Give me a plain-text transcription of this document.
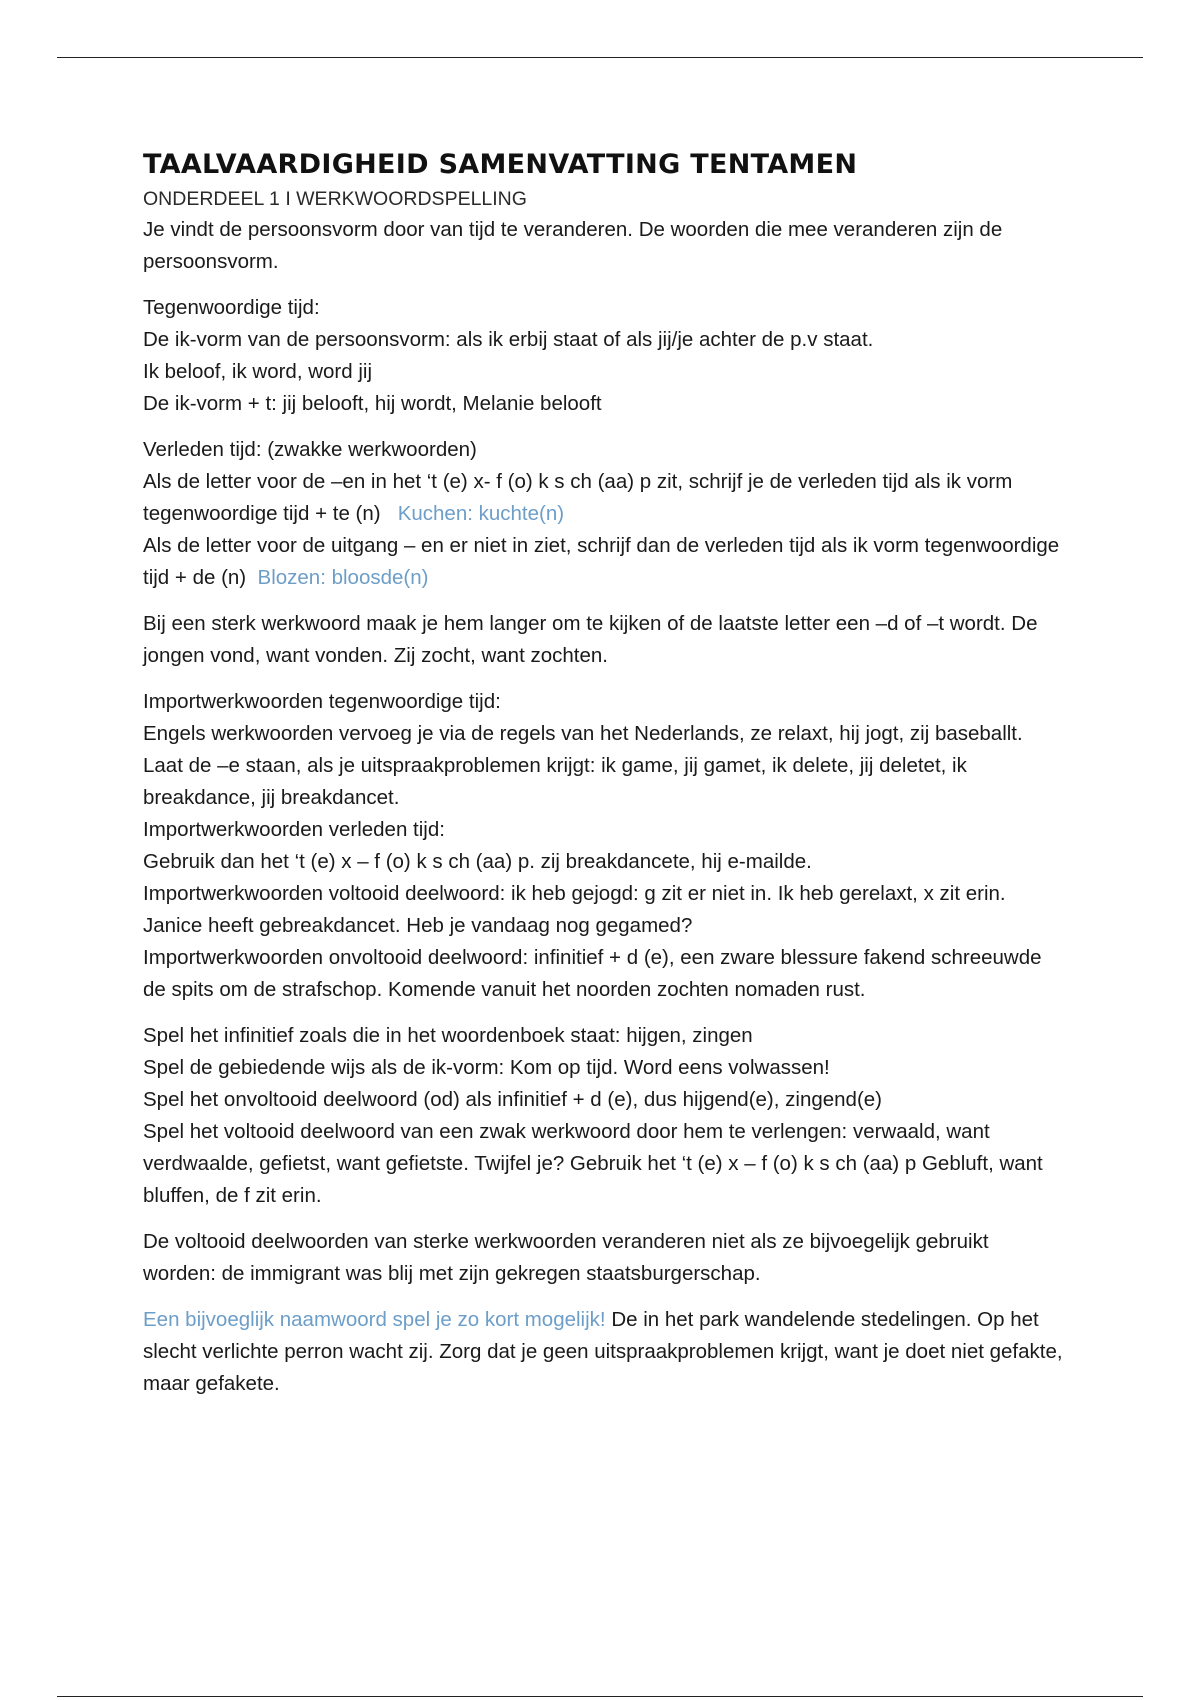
TAALVAARDIGHEID SAMENVATTING TENTAMEN

ONDERDEEL 1 I WERKWOORDSPELLING

Je vindt de persoonsvorm door van tijd te veranderen. De woorden die mee veranderen zijn de persoonsvorm.

Tegenwoordige tijd:

De ik-vorm van de persoonsvorm: als ik erbij staat of als jij/je achter de p.v staat.

Ik beloof, ik word, word jij

De ik-vorm + t: jij belooft, hij wordt, Melanie belooft

Verleden tijd: (zwakke werkwoorden)

Als de letter voor de –en in het ‘t (e) x- f (o) k s ch (aa) p zit, schrijf je de verleden tijd als ik vorm tegenwoordige tijd + te (n) Kuchen: kuchte(n)

Als de letter voor de uitgang – en er niet in ziet, schrijf dan de verleden tijd als ik vorm tegenwoordige tijd + de (n) Blozen: bloosde(n)

Bij een sterk werkwoord maak je hem langer om te kijken of de laatste letter een –d of –t wordt. De jongen vond, want vonden. Zij zocht, want zochten.

Importwerkwoorden tegenwoordige tijd:

Engels werkwoorden vervoeg je via de regels van het Nederlands, ze relaxt, hij jogt, zij baseballt. Laat de –e staan, als je uitspraakproblemen krijgt: ik game, jij gamet, ik delete, jij deletet, ik breakdance, jij breakdancet.

Importwerkwoorden verleden tijd:

Gebruik dan het ‘t (e) x – f (o) k s ch (aa) p. zij breakdancete, hij e-mailde.

Importwerkwoorden voltooid deelwoord: ik heb gejogd: g zit er niet in. Ik heb gerelaxt, x zit erin. Janice heeft gebreakdancet. Heb je vandaag nog gegamed?

Importwerkwoorden onvoltooid deelwoord: infinitief + d (e), een zware blessure fakend schreeuwde de spits om de strafschop. Komende vanuit het noorden zochten nomaden rust.

Spel het infinitief zoals die in het woordenboek staat: hijgen, zingen

Spel de gebiedende wijs als de ik-vorm: Kom op tijd. Word eens volwassen!

Spel het onvoltooid deelwoord (od) als infinitief + d (e), dus hijgend(e), zingend(e)

Spel het voltooid deelwoord van een zwak werkwoord door hem te verlengen: verwaald, want verdwaalde, gefietst, want gefietste. Twijfel je? Gebruik het ‘t (e) x – f (o) k s ch (aa) p Gebluft, want bluffen, de f zit erin.

De voltooid deelwoorden van sterke werkwoorden veranderen niet als ze bijvoegelijk gebruikt worden: de immigrant was blij met zijn gekregen staatsburgerschap.

Een bijvoeglijk naamwoord spel je zo kort mogelijk! De in het park wandelende stedelingen. Op het slecht verlichte perron wacht zij. Zorg dat je geen uitspraakproblemen krijgt, want je doet niet gefakte, maar gefakete.
